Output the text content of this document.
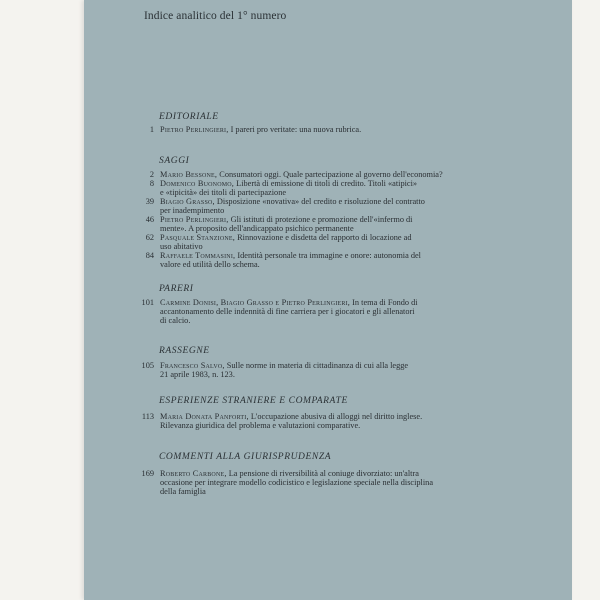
Indice analitico del 1° numero
EDITORIALE
1 Pietro Perlingieri, I pareri pro veritate: una nuova rubrica.
SAGGI
2 Mario Bessone, Consumatori oggi. Quale partecipazione al governo dell'economia?
8 Domenico Buonomo, Libertà di emissione di titoli di credito. Titoli «atipici»
e «tipicità» dei titoli di partecipazione
39 Biagio Grasso, Disposizione «novativa» del credito e risoluzione del contratto
per inadempimento
46 Pietro Perlingieri, Gli istituti di protezione e promozione dell'«infermo di
mente». A proposito dell'andicappato psichico permanente
62 Pasquale Stanzione, Rinnovazione e disdetta del rapporto di locazione ad
uso abitativo
84 Raffaele Tommasini, Identità personale tra immagine e onore: autonomia del
valore ed utilità dello schema.
PARERI
101 Carmine Donisi, Biagio Grasso e Pietro Perlingieri, In tema di Fondo di
accantonamento delle indennità di fine carriera per i giocatori e gli allenatori
di calcio.
RASSEGNE
105 Francesco Salvo, Sulle norme in materia di cittadinanza di cui alla legge
21 aprile 1983, n. 123.
ESPERIENZE STRANIERE E COMPARATE
113 Maria Donata Panforti, L'occupazione abusiva di alloggi nel diritto inglese.
Rilevanza giuridica del problema e valutazioni comparative.
COMMENTI ALLA GIURISPRUDENZA
169 Roberto Carbone, La pensione di riversibilità al coniuge divorziato: un'altra
occasione per integrare modello codicistico e legislazione speciale nella disciplina
della famiglia
